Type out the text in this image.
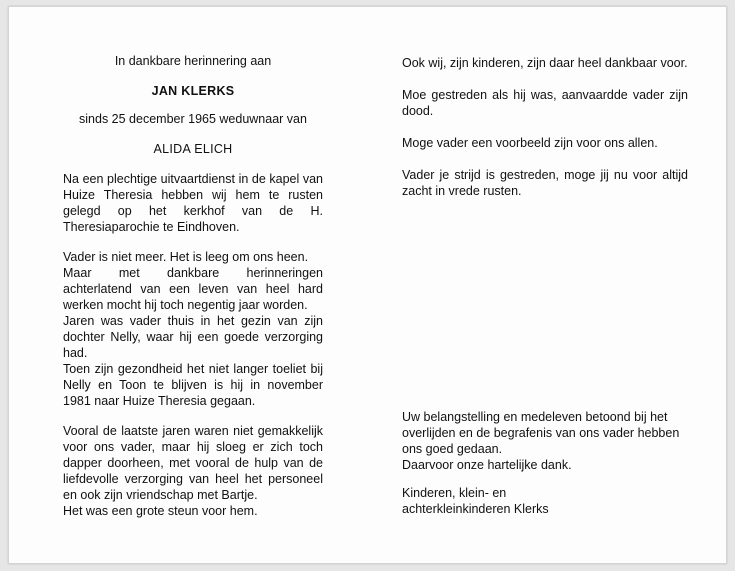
In dankbare herinnering aan
JAN KLERKS
sinds 25 december 1965 weduwnaar van
ALIDA ELICH
Na een plechtige uitvaartdienst in de kapel van Huize Theresia hebben wij hem te rusten gelegd op het kerkhof van de H. Theresiaparochie te Eindhoven.
Vader is niet meer. Het is leeg om ons heen.
Maar met dankbare herinneringen achterlatend van een leven van heel hard werken mocht hij toch negentig jaar worden.
Jaren was vader thuis in het gezin van zijn dochter Nelly, waar hij een goede verzorging had.
Toen zijn gezondheid het niet langer toeliet bij Nelly en Toon te blijven is hij in november 1981 naar Huize Theresia gegaan.
Vooral de laatste jaren waren niet gemakkelijk voor ons vader, maar hij sloeg er zich toch dapper doorheen, met vooral de hulp van de liefdevolle verzorging van heel het personeel en ook zijn vriendschap met Bartje.
Het was een grote steun voor hem.
Ook wij, zijn kinderen, zijn daar heel dankbaar voor.
Moe gestreden als hij was, aanvaardde vader zijn dood.
Moge vader een voorbeeld zijn voor ons allen.
Vader je strijd is gestreden, moge jij nu voor altijd zacht in vrede rusten.
Uw belangstelling en medeleven betoond bij het overlijden en de begrafenis van ons vader hebben ons goed gedaan.
Daarvoor onze hartelijke dank.
Kinderen, klein- en
achterkleinkinderen Klerks
